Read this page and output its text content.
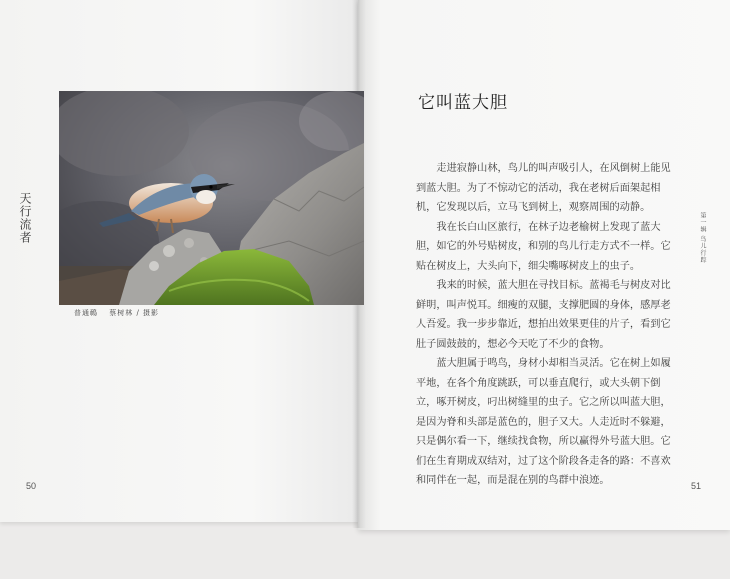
天行流者
普通鳾 蔡树林 / 摄影
50
它叫蓝大胆

走进寂静山林，鸟儿的叫声吸引人，在风倒树上能见到蓝大胆。为了不惊动它的活动，我在老树后面架起相机，它发现以后，立马飞到树上，观察周围的动静。

我在长白山区旅行，在林子边老榆树上发现了蓝大胆，如它的外号贴树皮，和别的鸟儿行走方式不一样。它贴在树皮上，大头向下，细尖嘴啄树皮上的虫子。

我来的时候，蓝大胆在寻找目标。蓝褐毛与树皮对比鲜明，叫声悦耳。细瘦的双腿，支撑肥圆的身体，感厚老人吾爱。我一步步靠近，想拍出效果更佳的片子，看到它肚子圆鼓鼓的，想必今天吃了不少的食物。

蓝大胆属于鸣鸟，身材小却相当灵活。它在树上如履平地，在各个角度跳跃，可以垂直爬行，或大头朝下倒立，啄开树皮，叼出树缝里的虫子。它之所以叫蓝大胆，是因为脊和头部是蓝色的，胆子又大。人走近时不躲避，只是偶尔看一下，继续找食物，所以赢得外号蓝大胆。它们在生育期成双结对，过了这个阶段各走各的路：不喜欢和同伴在一起，而是混在别的鸟群中浪迹。

第一辑 鸟儿行踪
51
